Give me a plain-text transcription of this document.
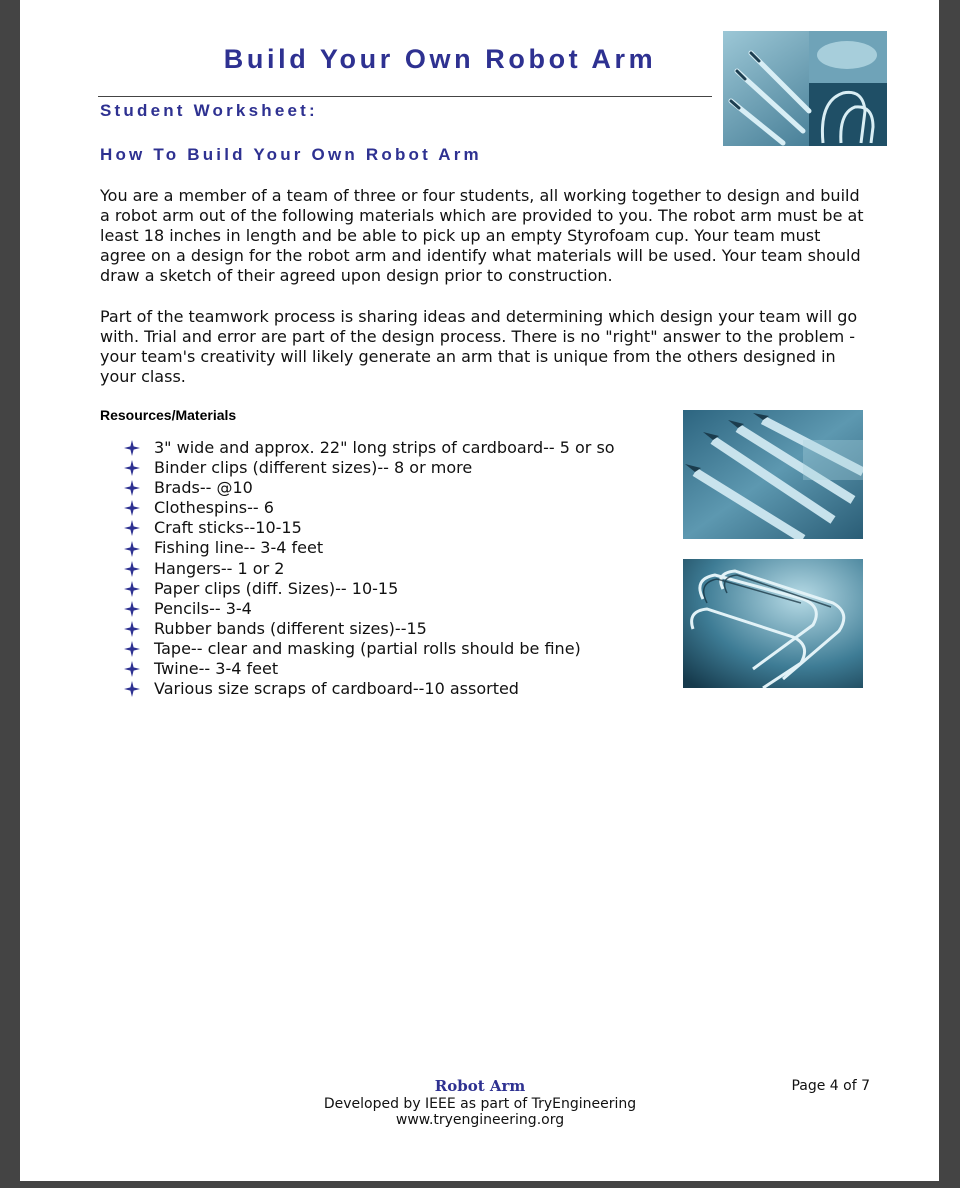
Build Your Own Robot Arm
Student Worksheet:
How To Build Your Own Robot Arm

You are a member of a team of three or four students, all working together to design and build a robot arm out of the following materials which are provided to you. The robot arm must be at least 18 inches in length and be able to pick up an empty Styrofoam cup. Your team must agree on a design for the robot arm and identify what materials will be used. Your team should draw a sketch of their agreed upon design prior to construction.

Part of the teamwork process is sharing ideas and determining which design your team will go with. Trial and error are part of the design process. There is no "right" answer to the problem - your team's creativity will likely generate an arm that is unique from the others designed in your class.

Resources/Materials
3" wide and approx. 22" long strips of cardboard-- 5 or so
Binder clips (different sizes)-- 8 or more
Brads-- @10
Clothespins-- 6
Craft sticks--10-15
Fishing line-- 3-4 feet
Hangers-- 1 or 2
Paper clips (diff. Sizes)-- 10-15
Pencils-- 3-4
Rubber bands (different sizes)--15
Tape-- clear and masking (partial rolls should be fine)
Twine-- 3-4 feet
Various size scraps of cardboard--10 assorted
Robot Arm

Developed by IEEE as part of TryEngineering

www.tryengineering.org

Page 4 of 7
